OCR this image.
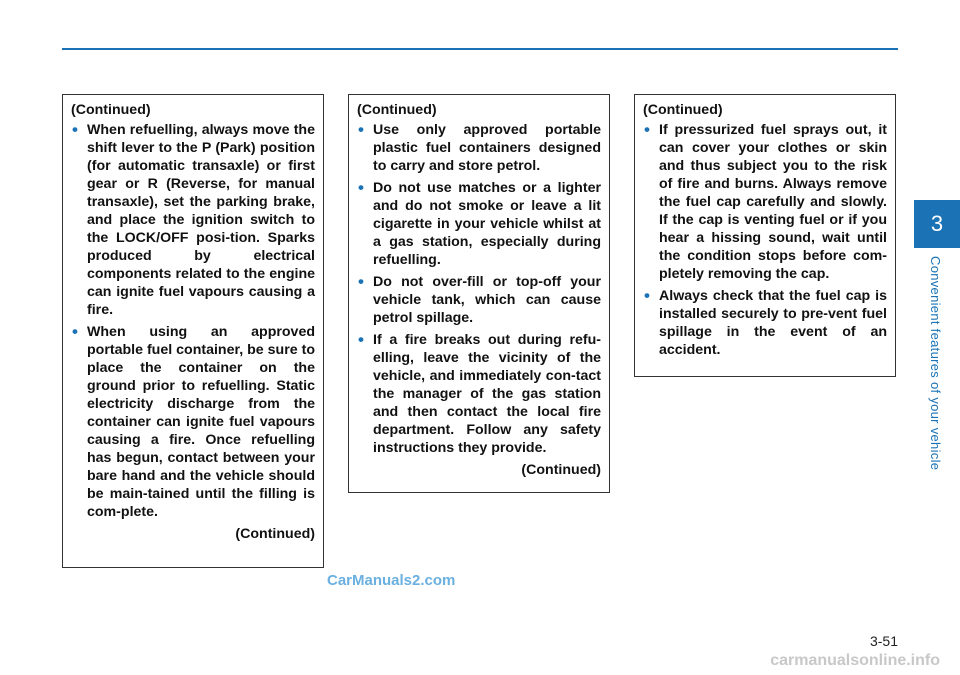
(Continued)
• When refuelling, always move the shift lever to the P (Park) position (for automatic transaxle) or first gear or R (Reverse, for manual transaxle), set the parking brake, and place the ignition switch to the LOCK/OFF posi-tion. Sparks produced by electrical components related to the engine can ignite fuel vapours causing a fire.
• When using an approved portable fuel container, be sure to place the container on the ground prior to refuelling. Static electricity discharge from the container can ignite fuel vapours causing a fire. Once refuelling has begun, contact between your bare hand and the vehicle should be main-tained until the filling is com-plete.
(Continued)
(Continued)
• Use only approved portable plastic fuel containers designed to carry and store petrol.
• Do not use matches or a lighter and do not smoke or leave a lit cigarette in your vehicle whilst at a gas station, especially during refuelling.
• Do not over-fill or top-off your vehicle tank, which can cause petrol spillage.
• If a fire breaks out during refu-elling, leave the vicinity of the vehicle, and immediately con-tact the manager of the gas station and then contact the local fire department. Follow any safety instructions they provide.
(Continued)
(Continued)
• If pressurized fuel sprays out, it can cover your clothes or skin and thus subject you to the risk of fire and burns. Always remove the fuel cap carefully and slowly. If the cap is venting fuel or if you hear a hissing sound, wait until the condition stops before com-pletely removing the cap.
• Always check that the fuel cap is installed securely to pre-vent fuel spillage in the event of an accident.
3
Convenient features of your vehicle
CarManuals2.com
3-51
carmanualsonline.info
